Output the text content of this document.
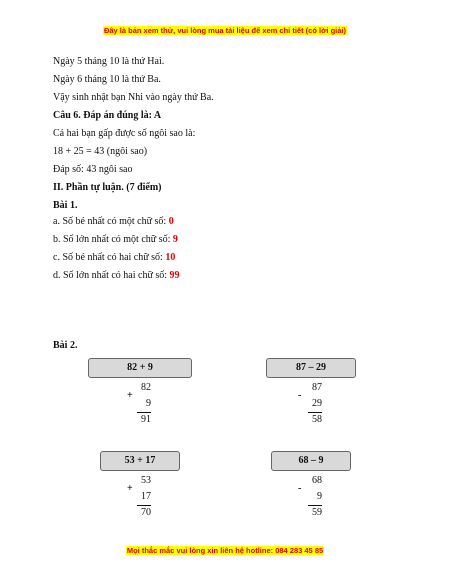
Đây là bản xem thử, vui lòng mua tài liệu để xem chi tiết (có lời giải)
Ngày 5 tháng 10 là thứ Hai.
Ngày 6 tháng 10 là thứ Ba.
Vậy sinh nhật bạn Nhi vào ngày thứ Ba.
Câu 6. Đáp án đúng là: A
Cả hai bạn gấp được số ngôi sao là:
18 + 25 = 43 (ngôi sao)
Đáp số: 43 ngôi sao
II. Phần tự luận. (7 điểm)
Bài 1.
a. Số bé nhất có một chữ số: 0
b. Số lớn nhất có một chữ số: 9
c. Số bé nhất có hai chữ số: 10
d. Số lớn nhất có hai chữ số: 99
Bài 2.
82 + 9
+
82
9
91
87 – 29
-
87
29
58
53 + 17
+
53
17
70
68 – 9
-
68
9
59
Mọi thắc mắc vui lòng xin liên hệ hotline: 084 283 45 85
